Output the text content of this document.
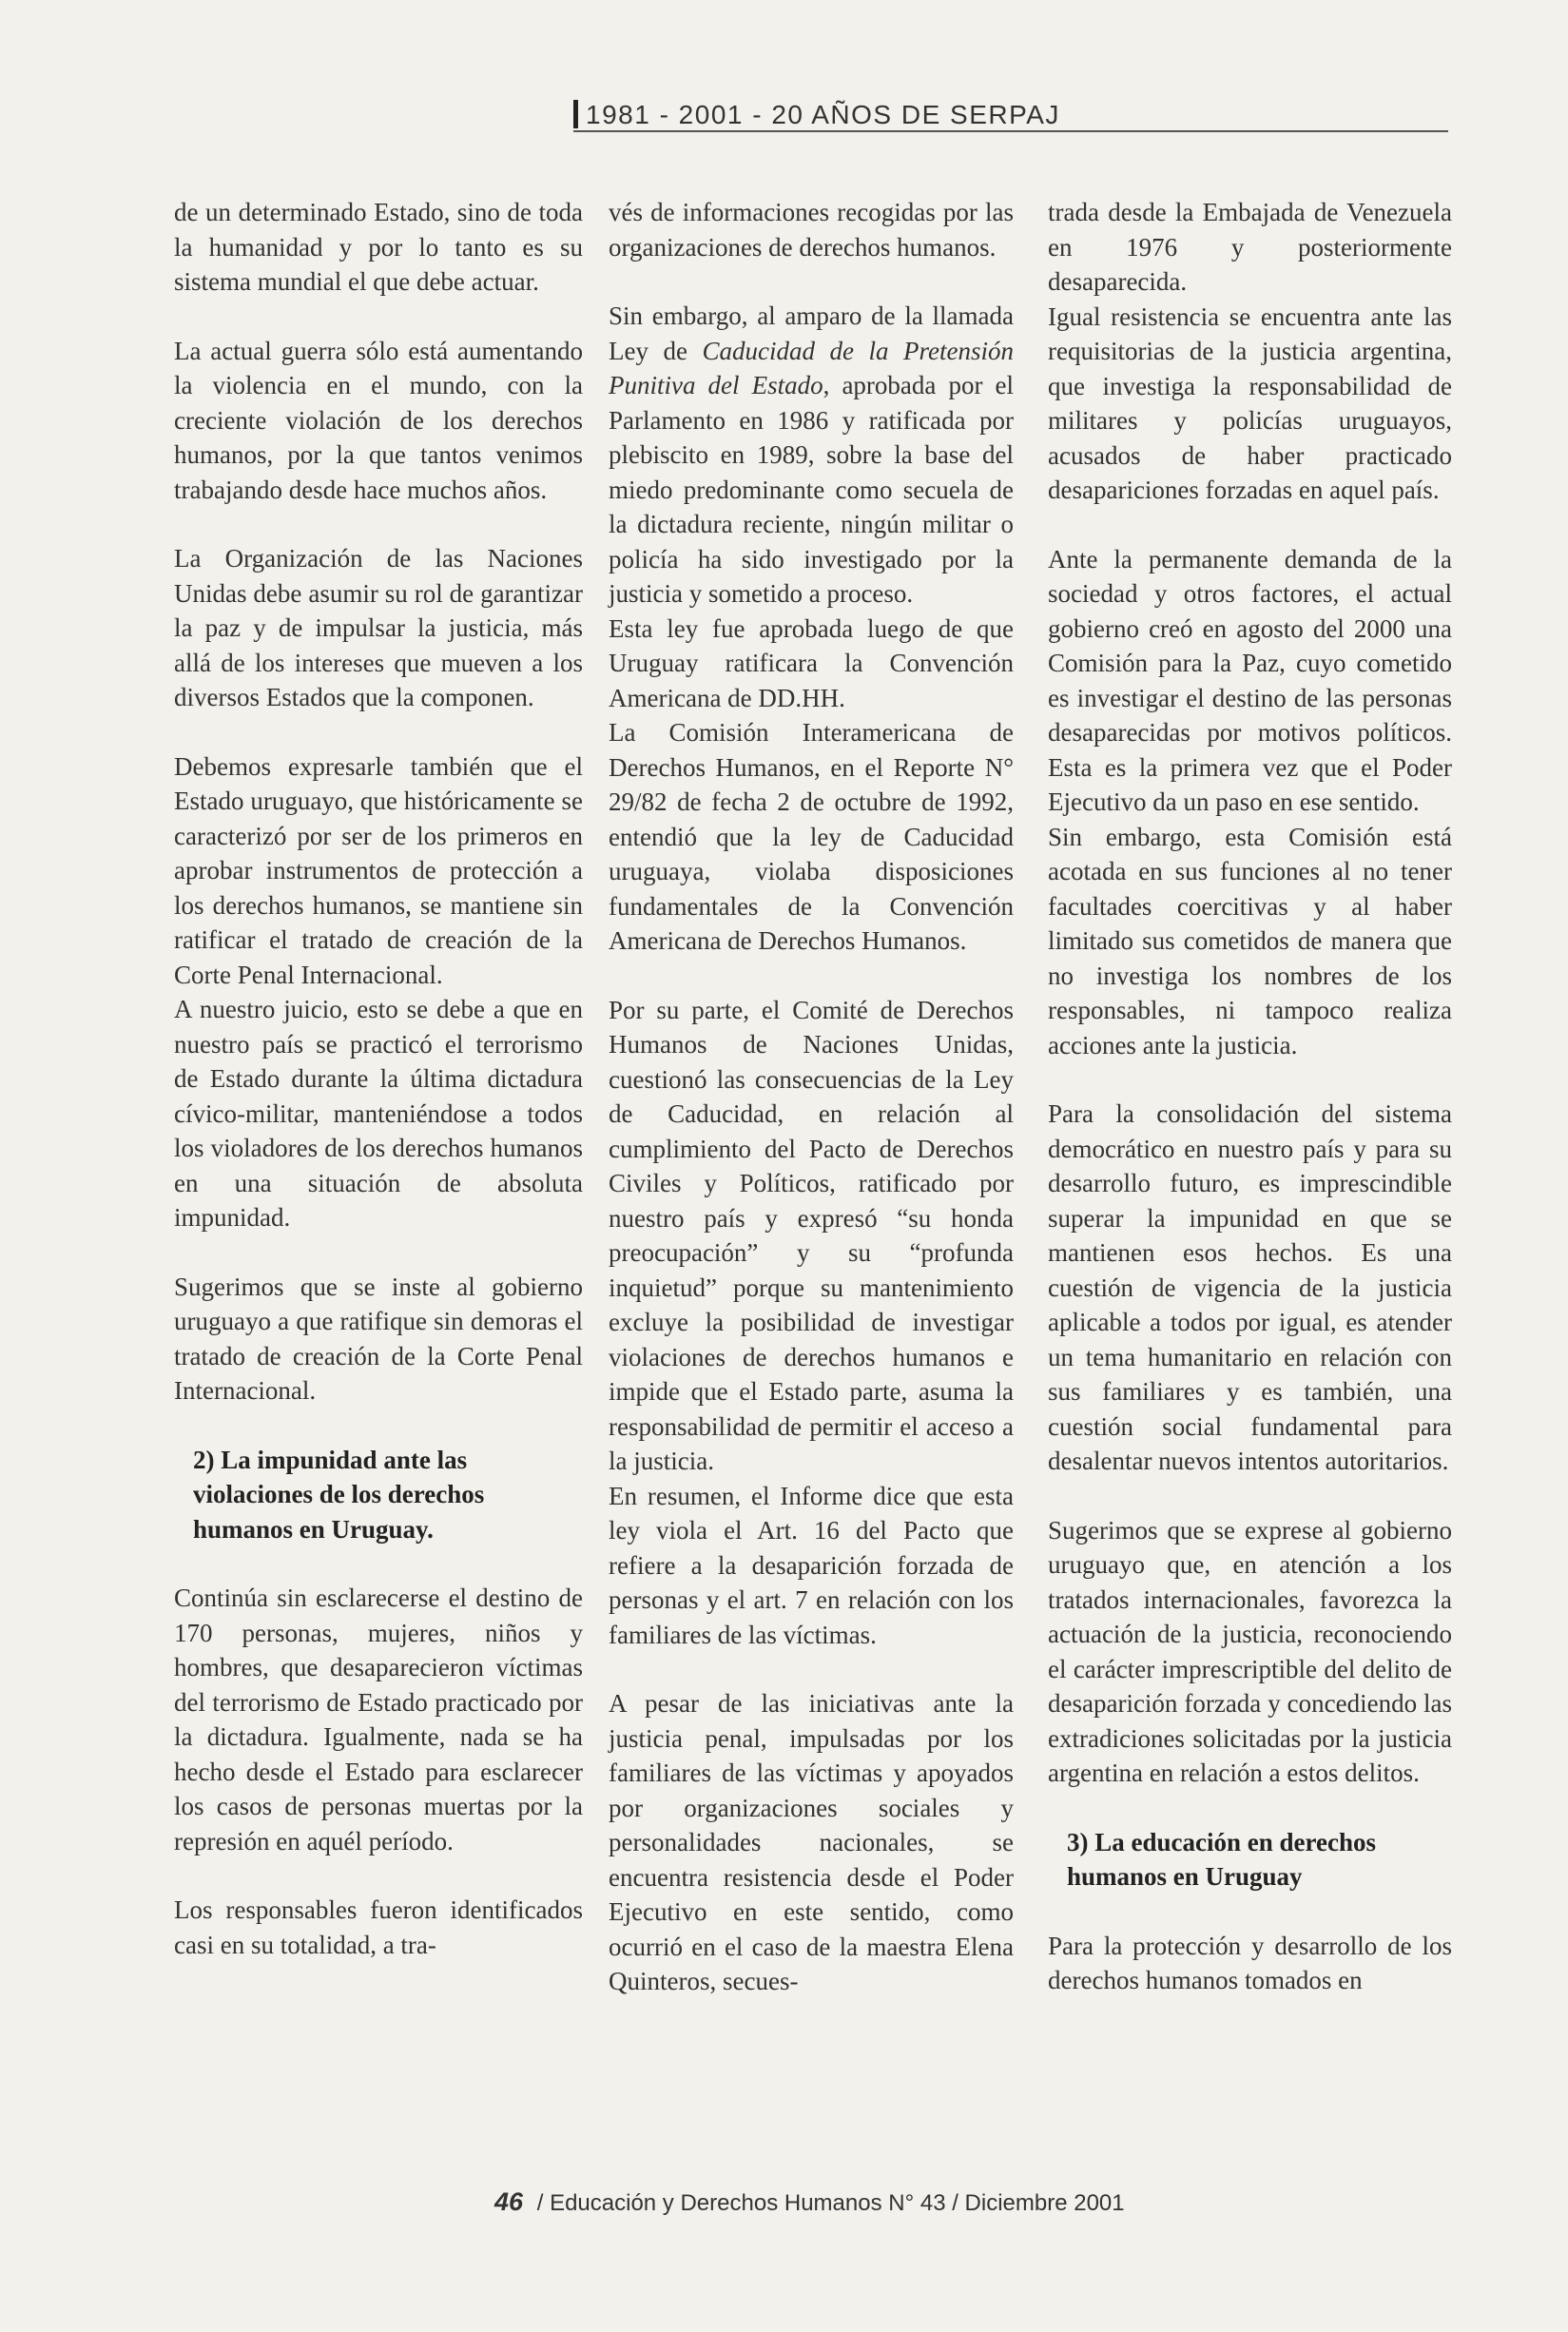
1981 - 2001 - 20 AÑOS DE SERPAJ

de un determinado Estado, sino de toda la humanidad y por lo tanto es su sistema mundial el que debe actuar.

La actual guerra sólo está aumentando la violencia en el mundo, con la creciente violación de los derechos humanos, por la que tantos venimos trabajando desde hace muchos años.

La Organización de las Naciones Unidas debe asumir su rol de garantizar la paz y de impulsar la justicia, más allá de los intereses que mueven a los diversos Estados que la componen.

Debemos expresarle también que el Estado uruguayo, que históricamente se caracterizó por ser de los primeros en aprobar instrumentos de protección a los derechos humanos, se mantiene sin ratificar el tratado de creación de la Corte Penal Internacional.

A nuestro juicio, esto se debe a que en nuestro país se practicó el terrorismo de Estado durante la última dictadura cívico-militar, manteniéndose a todos los violadores de los derechos humanos en una situación de absoluta impunidad.

Sugerimos que se inste al gobierno uruguayo a que ratifique sin demoras el tratado de creación de la Corte Penal Internacional.

2) La impunidad ante las violaciones de los derechos humanos en Uruguay.

Continúa sin esclarecerse el destino de 170 personas, mujeres, niños y hombres, que desaparecieron víctimas del terrorismo de Estado practicado por la dictadura. Igualmente, nada se ha hecho desde el Estado para esclarecer los casos de personas muertas por la represión en aquél período.

Los responsables fueron identificados casi en su totalidad, a tra-

vés de informaciones recogidas por las organizaciones de derechos humanos.

Sin embargo, al amparo de la llamada Ley de Caducidad de la Pretensión Punitiva del Estado, aprobada por el Parlamento en 1986 y ratificada por plebiscito en 1989, sobre la base del miedo predominante como secuela de la dictadura reciente, ningún militar o policía ha sido investigado por la justicia y sometido a proceso.

Esta ley fue aprobada luego de que Uruguay ratificara la Convención Americana de DD.HH.

La Comisión Interamericana de Derechos Humanos, en el Reporte N° 29/82 de fecha 2 de octubre de 1992, entendió que la ley de Caducidad uruguaya, violaba disposiciones fundamentales de la Convención Americana de Derechos Humanos.

Por su parte, el Comité de Derechos Humanos de Naciones Unidas, cuestionó las consecuencias de la Ley de Caducidad, en relación al cumplimiento del Pacto de Derechos Civiles y Políticos, ratificado por nuestro país y expresó “su honda preocupación” y su “profunda inquietud” porque su mantenimiento excluye la posibilidad de investigar violaciones de derechos humanos e impide que el Estado parte, asuma la responsabilidad de permitir el acceso a la justicia.

En resumen, el Informe dice que esta ley viola el Art. 16 del Pacto que refiere a la desaparición forzada de personas y el art. 7 en relación con los familiares de las víctimas.

A pesar de las iniciativas ante la justicia penal, impulsadas por los familiares de las víctimas y apoyados por organizaciones sociales y personalidades nacionales, se encuentra resistencia desde el Poder Ejecutivo en este sentido, como ocurrió en el caso de la maestra Elena Quinteros, secues-

trada desde la Embajada de Venezuela en 1976 y posteriormente desaparecida.

Igual resistencia se encuentra ante las requisitorias de la justicia argentina, que investiga la responsabilidad de militares y policías uruguayos, acusados de haber practicado desapariciones forzadas en aquel país.

Ante la permanente demanda de la sociedad y otros factores, el actual gobierno creó en agosto del 2000 una Comisión para la Paz, cuyo cometido es investigar el destino de las personas desaparecidas por motivos políticos. Esta es la primera vez que el Poder Ejecutivo da un paso en ese sentido.

Sin embargo, esta Comisión está acotada en sus funciones al no tener facultades coercitivas y al haber limitado sus cometidos de manera que no investiga los nombres de los responsables, ni tampoco realiza acciones ante la justicia.

Para la consolidación del sistema democrático en nuestro país y para su desarrollo futuro, es imprescindible superar la impunidad en que se mantienen esos hechos. Es una cuestión de vigencia de la justicia aplicable a todos por igual, es atender un tema humanitario en relación con sus familiares y es también, una cuestión social fundamental para desalentar nuevos intentos autoritarios.

Sugerimos que se exprese al gobierno uruguayo que, en atención a los tratados internacionales, favorezca la actuación de la justicia, reconociendo el carácter imprescriptible del delito de desaparición forzada y concediendo las extradiciones solicitadas por la justicia argentina en relación a estos delitos.

3) La educación en derechos humanos en Uruguay

Para la protección y desarrollo de los derechos humanos tomados en

46 / Educación y Derechos Humanos N° 43 / Diciembre 2001
